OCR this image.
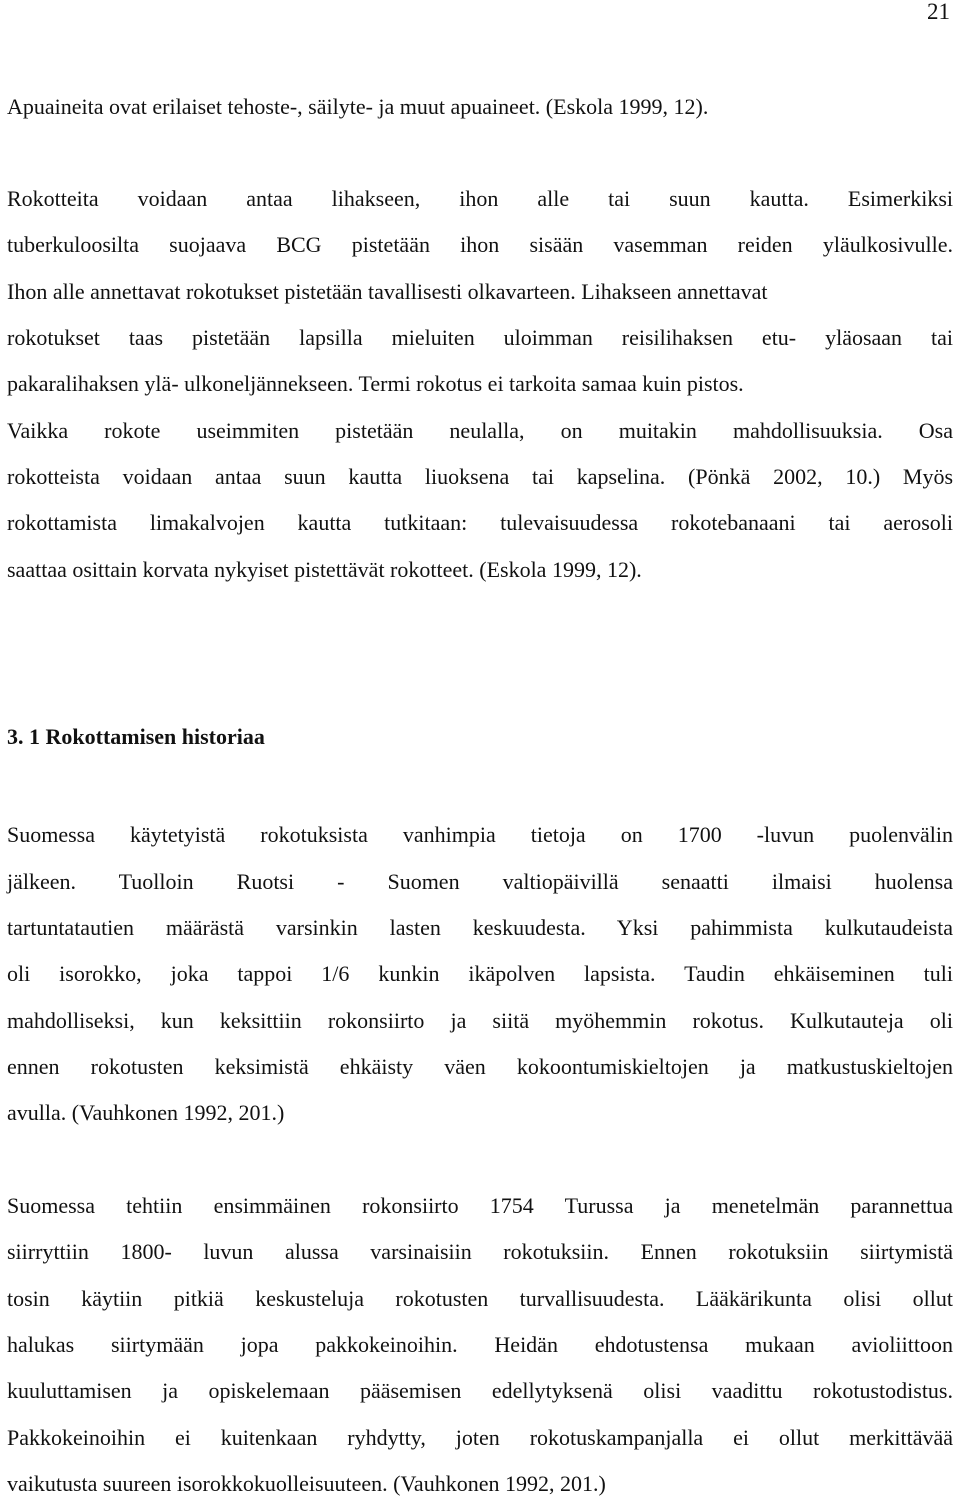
21
Apuaineita ovat erilaiset tehoste-, säilyte- ja muut apuaineet. (Eskola 1999, 12).
Rokotteita voidaan antaa lihakseen, ihon alle tai suun kautta. Esimerkiksi
tuberkuloosilta suojaava BCG pistetään ihon sisään vasemman reiden yläulkosivulle.
Ihon alle annettavat rokotukset pistetään tavallisesti olkavarteen. Lihakseen annettavat
rokotukset taas pistetään lapsilla mieluiten uloimman reisilihaksen etu- yläosaan tai
pakaralihaksen ylä- ulkoneljännekseen. Termi rokotus ei tarkoita samaa kuin pistos.
Vaikka rokote useimmiten pistetään neulalla, on muitakin mahdollisuuksia. Osa
rokotteista voidaan antaa suun kautta liuoksena tai kapselina. (Pönkä 2002, 10.) Myös
rokottamista limakalvojen kautta tutkitaan: tulevaisuudessa rokotebanaani tai aerosoli
saattaa osittain korvata nykyiset pistettävät rokotteet. (Eskola 1999, 12).
3. 1 Rokottamisen historiaa
Suomessa käytetyistä rokotuksista vanhimpia tietoja on 1700 -luvun puolenvälin
jälkeen. Tuolloin Ruotsi - Suomen valtiopäivillä senaatti ilmaisi huolensa
tartuntatautien määrästä varsinkin lasten keskuudesta. Yksi pahimmista kulkutaudeista
oli isorokko, joka tappoi 1/6 kunkin ikäpolven lapsista. Taudin ehkäiseminen tuli
mahdolliseksi, kun keksittiin rokonsiirto ja siitä myöhemmin rokotus. Kulkutauteja oli
ennen rokotusten keksimistä ehkäisty väen kokoontumiskieltojen ja matkustuskieltojen
avulla. (Vauhkonen 1992, 201.)
Suomessa tehtiin ensimmäinen rokonsiirto 1754 Turussa ja menetelmän parannettua
siirryttiin 1800- luvun alussa varsinaisiin rokotuksiin. Ennen rokotuksiin siirtymistä
tosin käytiin pitkiä keskusteluja rokotusten turvallisuudesta. Lääkärikunta olisi ollut
halukas siirtymään jopa pakkokeinoihin. Heidän ehdotustensa mukaan avioliittoon
kuuluttamisen ja opiskelemaan pääsemisen edellytyksenä olisi vaadittu rokotustodistus.
Pakkokeinoihin ei kuitenkaan ryhdytty, joten rokotuskampanjalla ei ollut merkittävää
vaikutusta suureen isorokkokuolleisuuteen. (Vauhkonen 1992, 201.)
